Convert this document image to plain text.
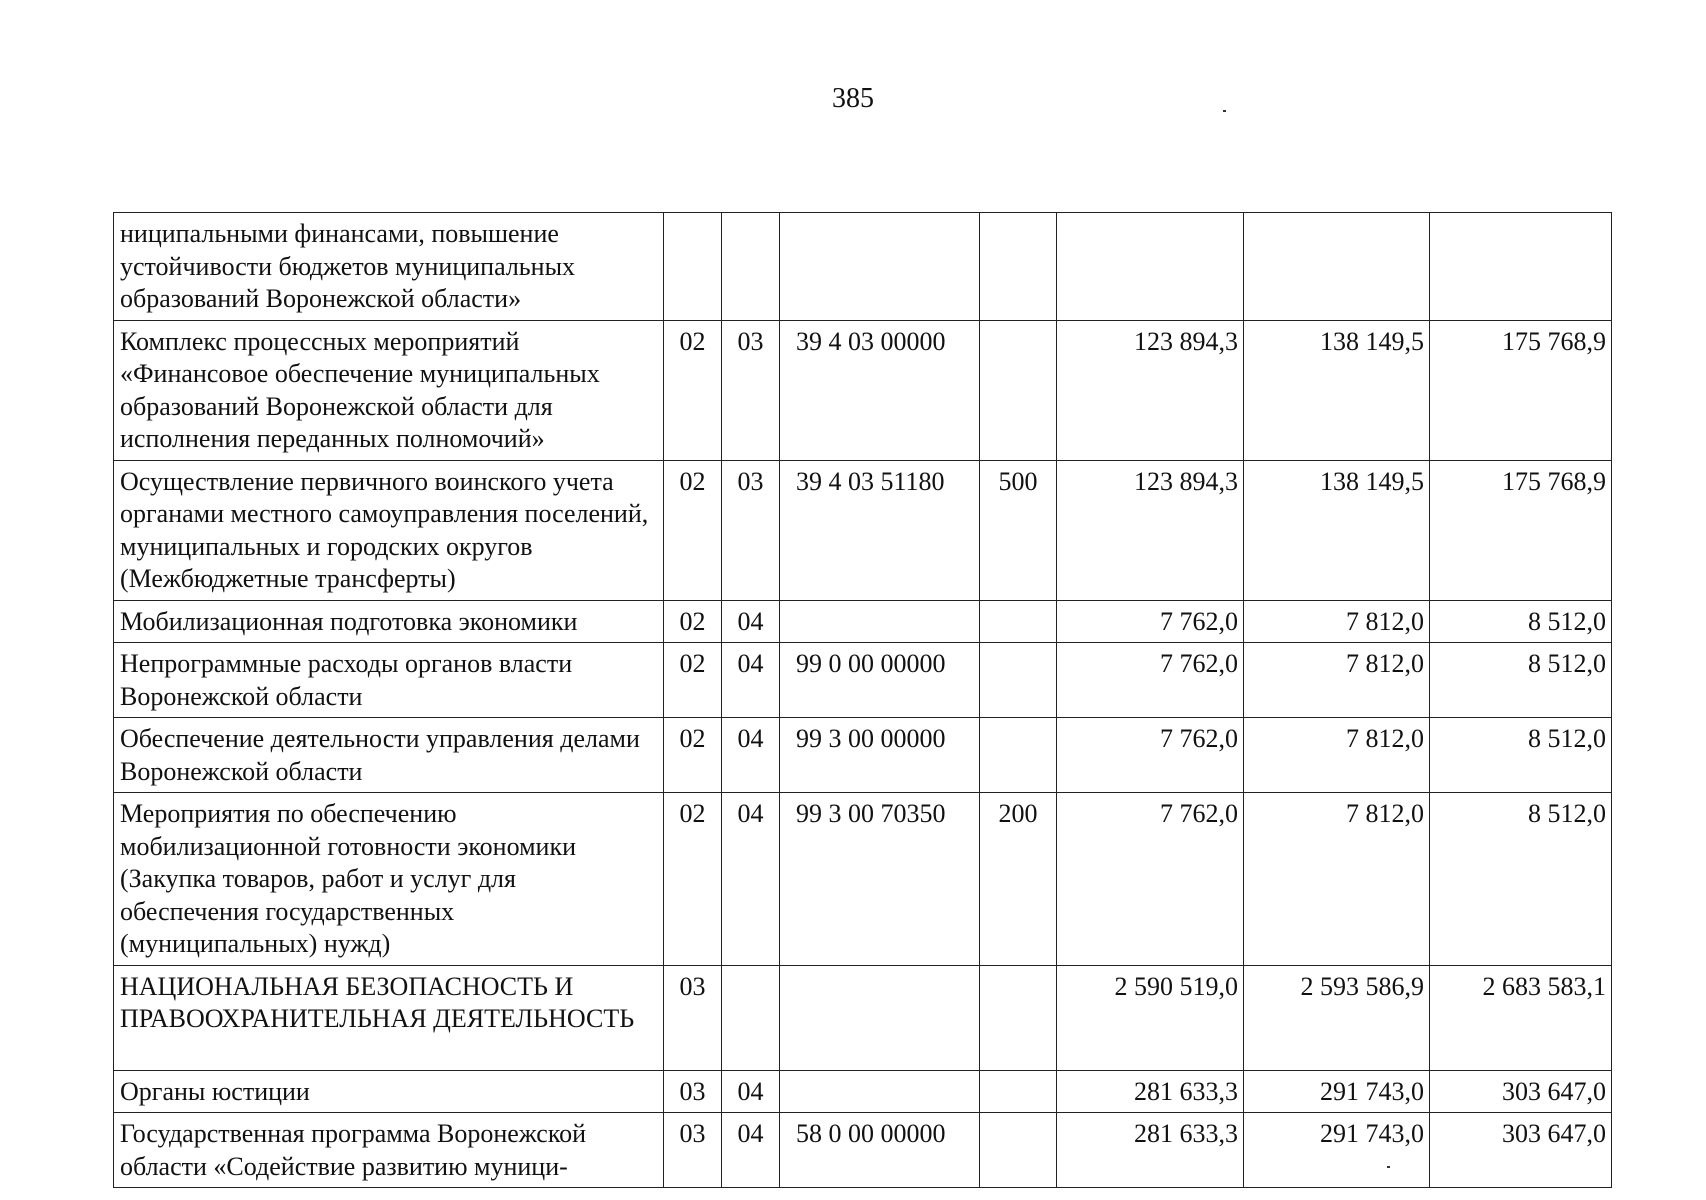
385
ниципальными финансами, повышение устойчивости бюджетов муниципальных образований Воронежской области»							
Комплекс процессных мероприятий «Финансовое обеспечение муниципальных образований Воронежской области для исполнения переданных полномочий»	02	03	39 4 03 00000		123 894,3	138 149,5	175 768,9
Осуществление первичного воинского учета органами местного самоуправления поселений, муниципальных и городских округов (Межбюджетные трансферты)	02	03	39 4 03 51180	500	123 894,3	138 149,5	175 768,9
Мобилизационная подготовка экономики	02	04			7 762,0	7 812,0	8 512,0
Непрограммные расходы органов власти Воронежской области	02	04	99 0 00 00000		7 762,0	7 812,0	8 512,0
Обеспечение деятельности управления делами Воронежской области	02	04	99 3 00 00000		7 762,0	7 812,0	8 512,0
Мероприятия по обеспечению мобилизационной готовности экономики (Закупка товаров, работ и услуг для обеспечения государственных (муниципальных) нужд)	02	04	99 3 00 70350	200	7 762,0	7 812,0	8 512,0
НАЦИОНАЛЬНАЯ БЕЗОПАСНОСТЬ И ПРАВООХРАНИТЕЛЬНАЯ ДЕЯТЕЛЬНОСТЬ	03				2 590 519,0	2 593 586,9	2 683 583,1
Органы юстиции	03	04			281 633,3	291 743,0	303 647,0
Государственная программа Воронежской области «Содействие развитию муници-	03	04	58 0 00 00000		281 633,3	291 743,0	303 647,0
